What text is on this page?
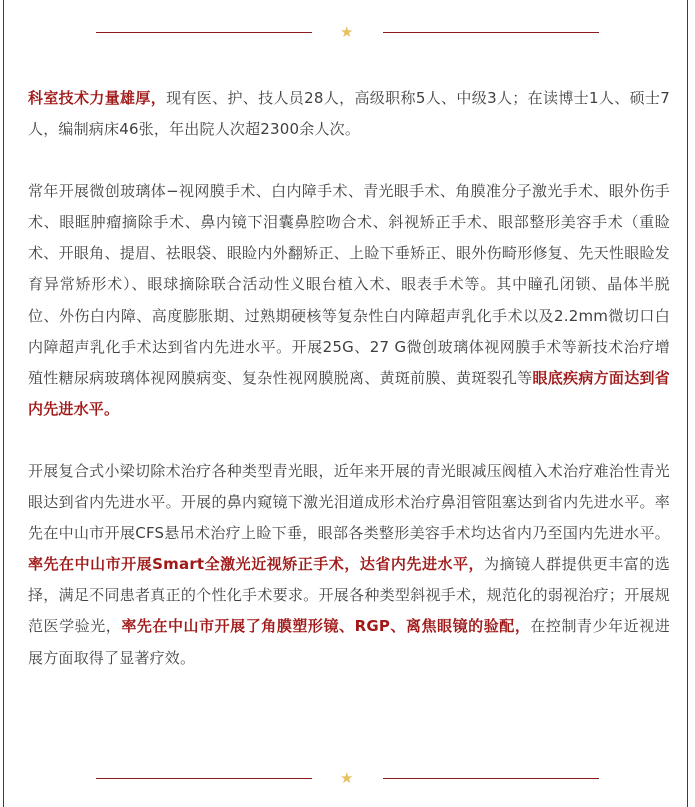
★

科室技术力量雄厚，现有医、护、技人员28人，高级职称5人、中级3人；在读博士1人、硕士7人，编制病床46张，年出院人次超2300余人次。

常年开展微创玻璃体−视网膜手术、白内障手术、青光眼手术、角膜准分子激光手术、眼外伤手术、眼眶肿瘤摘除手术、鼻内镜下泪囊鼻腔吻合术、斜视矫正手术、眼部整形美容手术（重睑术、开眼角、提眉、祛眼袋、眼睑内外翻矫正、上睑下垂矫正、眼外伤畸形修复、先天性眼睑发育异常矫形术）、眼球摘除联合活动性义眼台植入术、眼表手术等。其中瞳孔闭锁、晶体半脱位、外伤白内障、高度膨胀期、过熟期硬核等复杂性白内障超声乳化手术以及2.2mm微切口白内障超声乳化手术达到省内先进水平。开展25G、27 G微创玻璃体视网膜手术等新技术治疗增殖性糖尿病玻璃体视网膜病变、复杂性视网膜脱离、黄斑前膜、黄斑裂孔等眼底疾病方面达到省内先进水平。

开展复合式小梁切除术治疗各种类型青光眼，近年来开展的青光眼减压阀植入术治疗难治性青光眼达到省内先进水平。开展的鼻内窥镜下激光泪道成形术治疗鼻泪管阻塞达到省内先进水平。率先在中山市开展CFS悬吊术治疗上睑下垂，眼部各类整形美容手术均达省内乃至国内先进水平。率先在中山市开展Smart全激光近视矫正手术，达省内先进水平，为摘镜人群提供更丰富的选择，满足不同患者真正的个性化手术要求。开展各种类型斜视手术，规范化的弱视治疗；开展规范医学验光，率先在中山市开展了角膜塑形镜、RGP、离焦眼镜的验配，在控制青少年近视进展方面取得了显著疗效。

★
